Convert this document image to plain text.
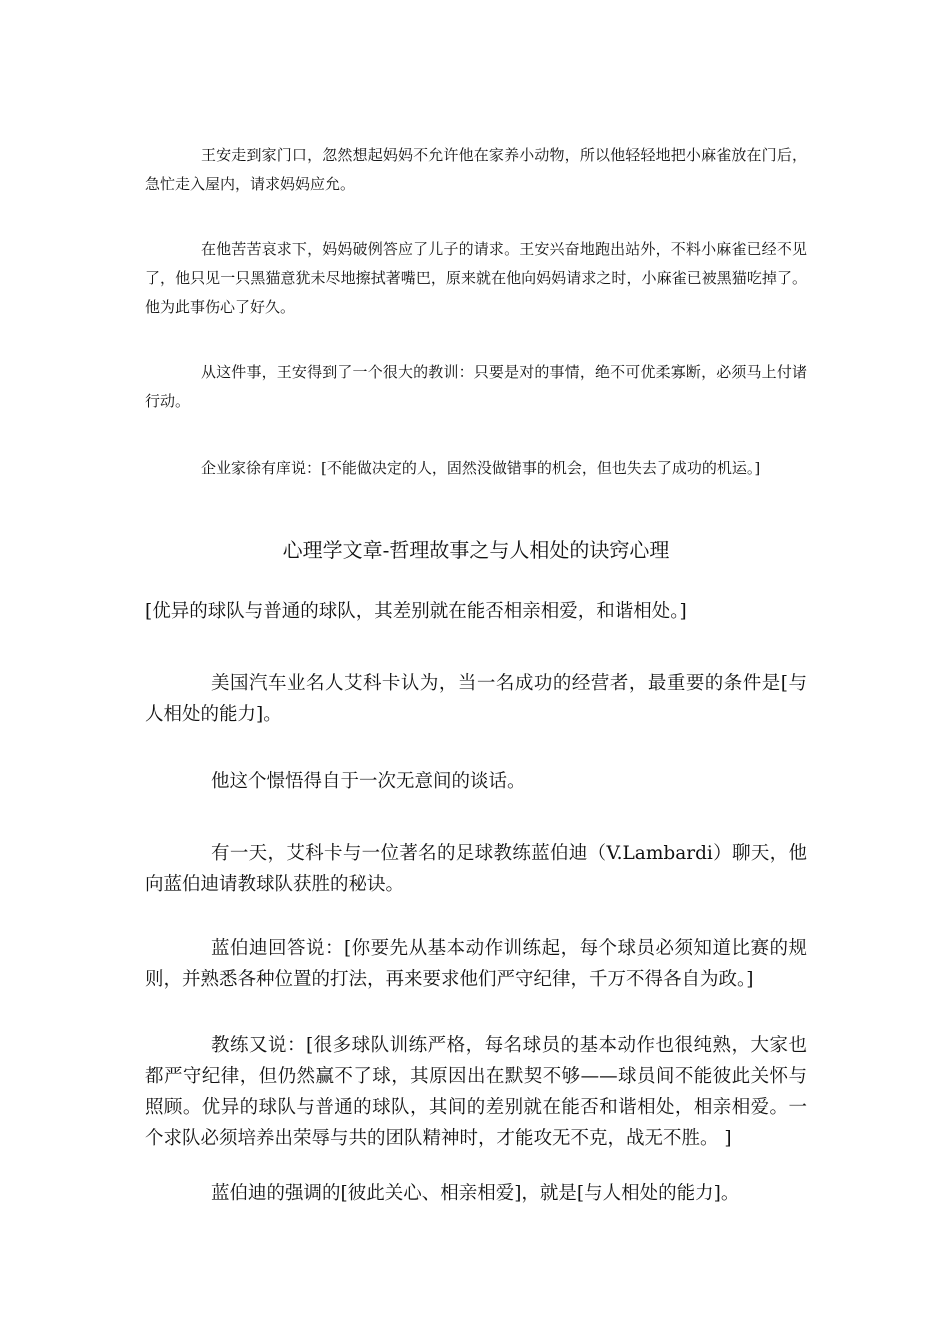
王安走到家门口，忽然想起妈妈不允许他在家养小动物，所以他轻轻地把小麻雀放在门后，急忙走入屋内，请求妈妈应允。

在他苦苦哀求下，妈妈破例答应了儿子的请求。王安兴奋地跑出站外，不料小麻雀已经不见了，他只见一只黑猫意犹未尽地擦拭著嘴巴，原来就在他向妈妈请求之时，小麻雀已被黑猫吃掉了。他为此事伤心了好久。

从这件事，王安得到了一个很大的教训：只要是对的事情，绝不可优柔寡断，必须马上付诸行动。

企业家徐有庠说：[不能做决定的人，固然没做错事的机会，但也失去了成功的机运。]

心理学文章-哲理故事之与人相处的诀窍心理

[优异的球队与普通的球队，其差别就在能否相亲相爱，和谐相处。]

美国汽车业名人艾科卡认为，当一名成功的经营者，最重要的条件是[与人相处的能力]。

他这个憬悟得自于一次无意间的谈话。

有一天，艾科卡与一位著名的足球教练蓝伯迪（V.Lambardi）聊天，他向蓝伯迪请教球队获胜的秘诀。

蓝伯迪回答说：[你要先从基本动作训练起，每个球员必须知道比赛的规则，并熟悉各种位置的打法，再来要求他们严守纪律，千万不得各自为政。]

教练又说：[很多球队训练严格，每名球员的基本动作也很纯熟，大家也都严守纪律，但仍然赢不了球，其原因出在默契不够——球员间不能彼此关怀与照顾。优异的球队与普通的球队，其间的差别就在能否和谐相处，相亲相爱。一个求队必须培养出荣辱与共的团队精神时，才能攻无不克，战无不胜。 ]

蓝伯迪的强调的[彼此关心、相亲相爱]，就是[与人相处的能力]。
